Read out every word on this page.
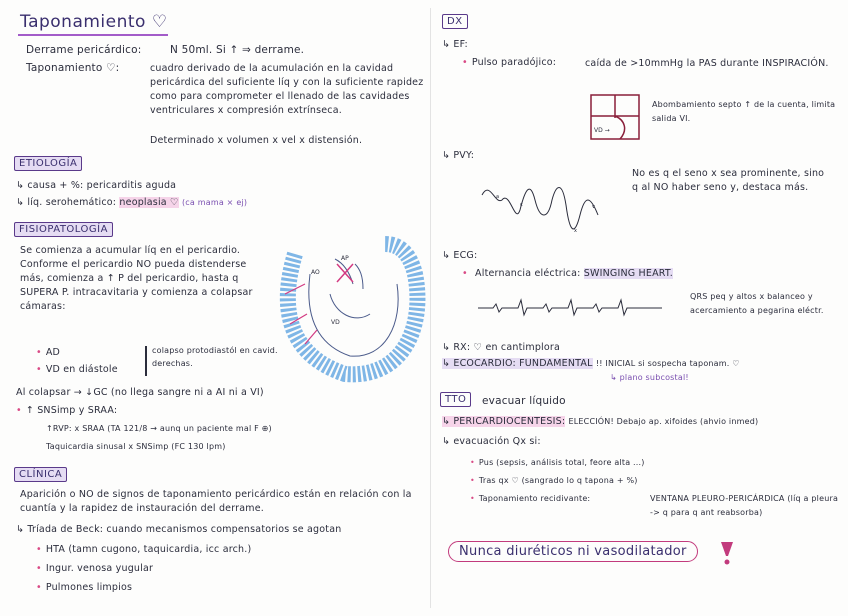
Taponamiento ♡
Derrame pericárdico:	N 50ml. Si ↑ ⇒ derrame.
Taponamiento ♡:	cuadro derivado de la acumulación en la cavidad pericárdica del suficiente líq y con la suficiente rapidez como para comprometer el llenado de las cavidades ventriculares x compresión extrínseca.
Determinado x volumen x vel x distensión.
ETIOLOGÍA
↳ causa + %: pericarditis aguda
↳ líq. serohemático: neoplasia ♡ (ca mama × ej)
FISIOPATOLOGÍA
Se comienza a acumular líq en el pericardio. Conforme el pericardio NO pueda distenderse más, comienza a ↑ P del pericardio, hasta q SUPERA P. intracavitaria y comienza a colapsar cámaras:
AP
AO
VD
• AD
• VD en diástole
colapso protodiastól en cavid. derechas.
Al colapsar → ↓GC (no llega sangre ni a AI ni a VI)
• ↑ SNSimp y SRAA:
↑RVP: x SRAA (TA 121/8 → aunq un paciente mal F ⊕)
Taquicardia sinusal x SNSimp (FC 130 lpm)
CLÍNICA
Aparición o NO de signos de taponamiento pericárdico están en relación con la cuantía y la rapidez de instauración del derrame.
↳ Tríada de Beck: cuando mecanismos compensatorios se agotan
• HTA (tamn cugono, taquicardia, icc arch.)
• Ingur. venosa yugular
• Pulmones limpios
DX
↳ EF:
• Pulso paradójico:	caída de >10mmHg la PAS durante INSPIRACIÓN.
VD →
Abombamiento septo ↑ de la cuenta, limita salida VI.
↳ PVY:
a
c	v
x
No es q el seno x sea prominente, sino q al NO haber seno y, destaca más.
↳ ECG:
• Alternancia eléctrica: SWINGING HEART.
QRS peq y altos x balanceo y acercamiento a pegarina eléctr.
↳ RX: ♡ en cantimplora
↳ ECOCARDIO: FUNDAMENTAL !! INICIAL si sospecha taponam. ♡
↳ plano subcostal!
TTO	evacuar líquido
↳ PERICARDIOCENTESIS: ELECCIÓN! Debajo ap. xifoides (ahvio inmed)
↳ evacuación Qx si:
• Pus (sepsis, análisis total, feore alta ...)
• Tras qx ♡ (sangrado lo q tapona + %)
• Taponamiento recidivante:	VENTANA PLEURO-PERICÁRDICA (líq a pleura -> q para q ant reabsorba)
Nunca diuréticos ni vasodilatador
